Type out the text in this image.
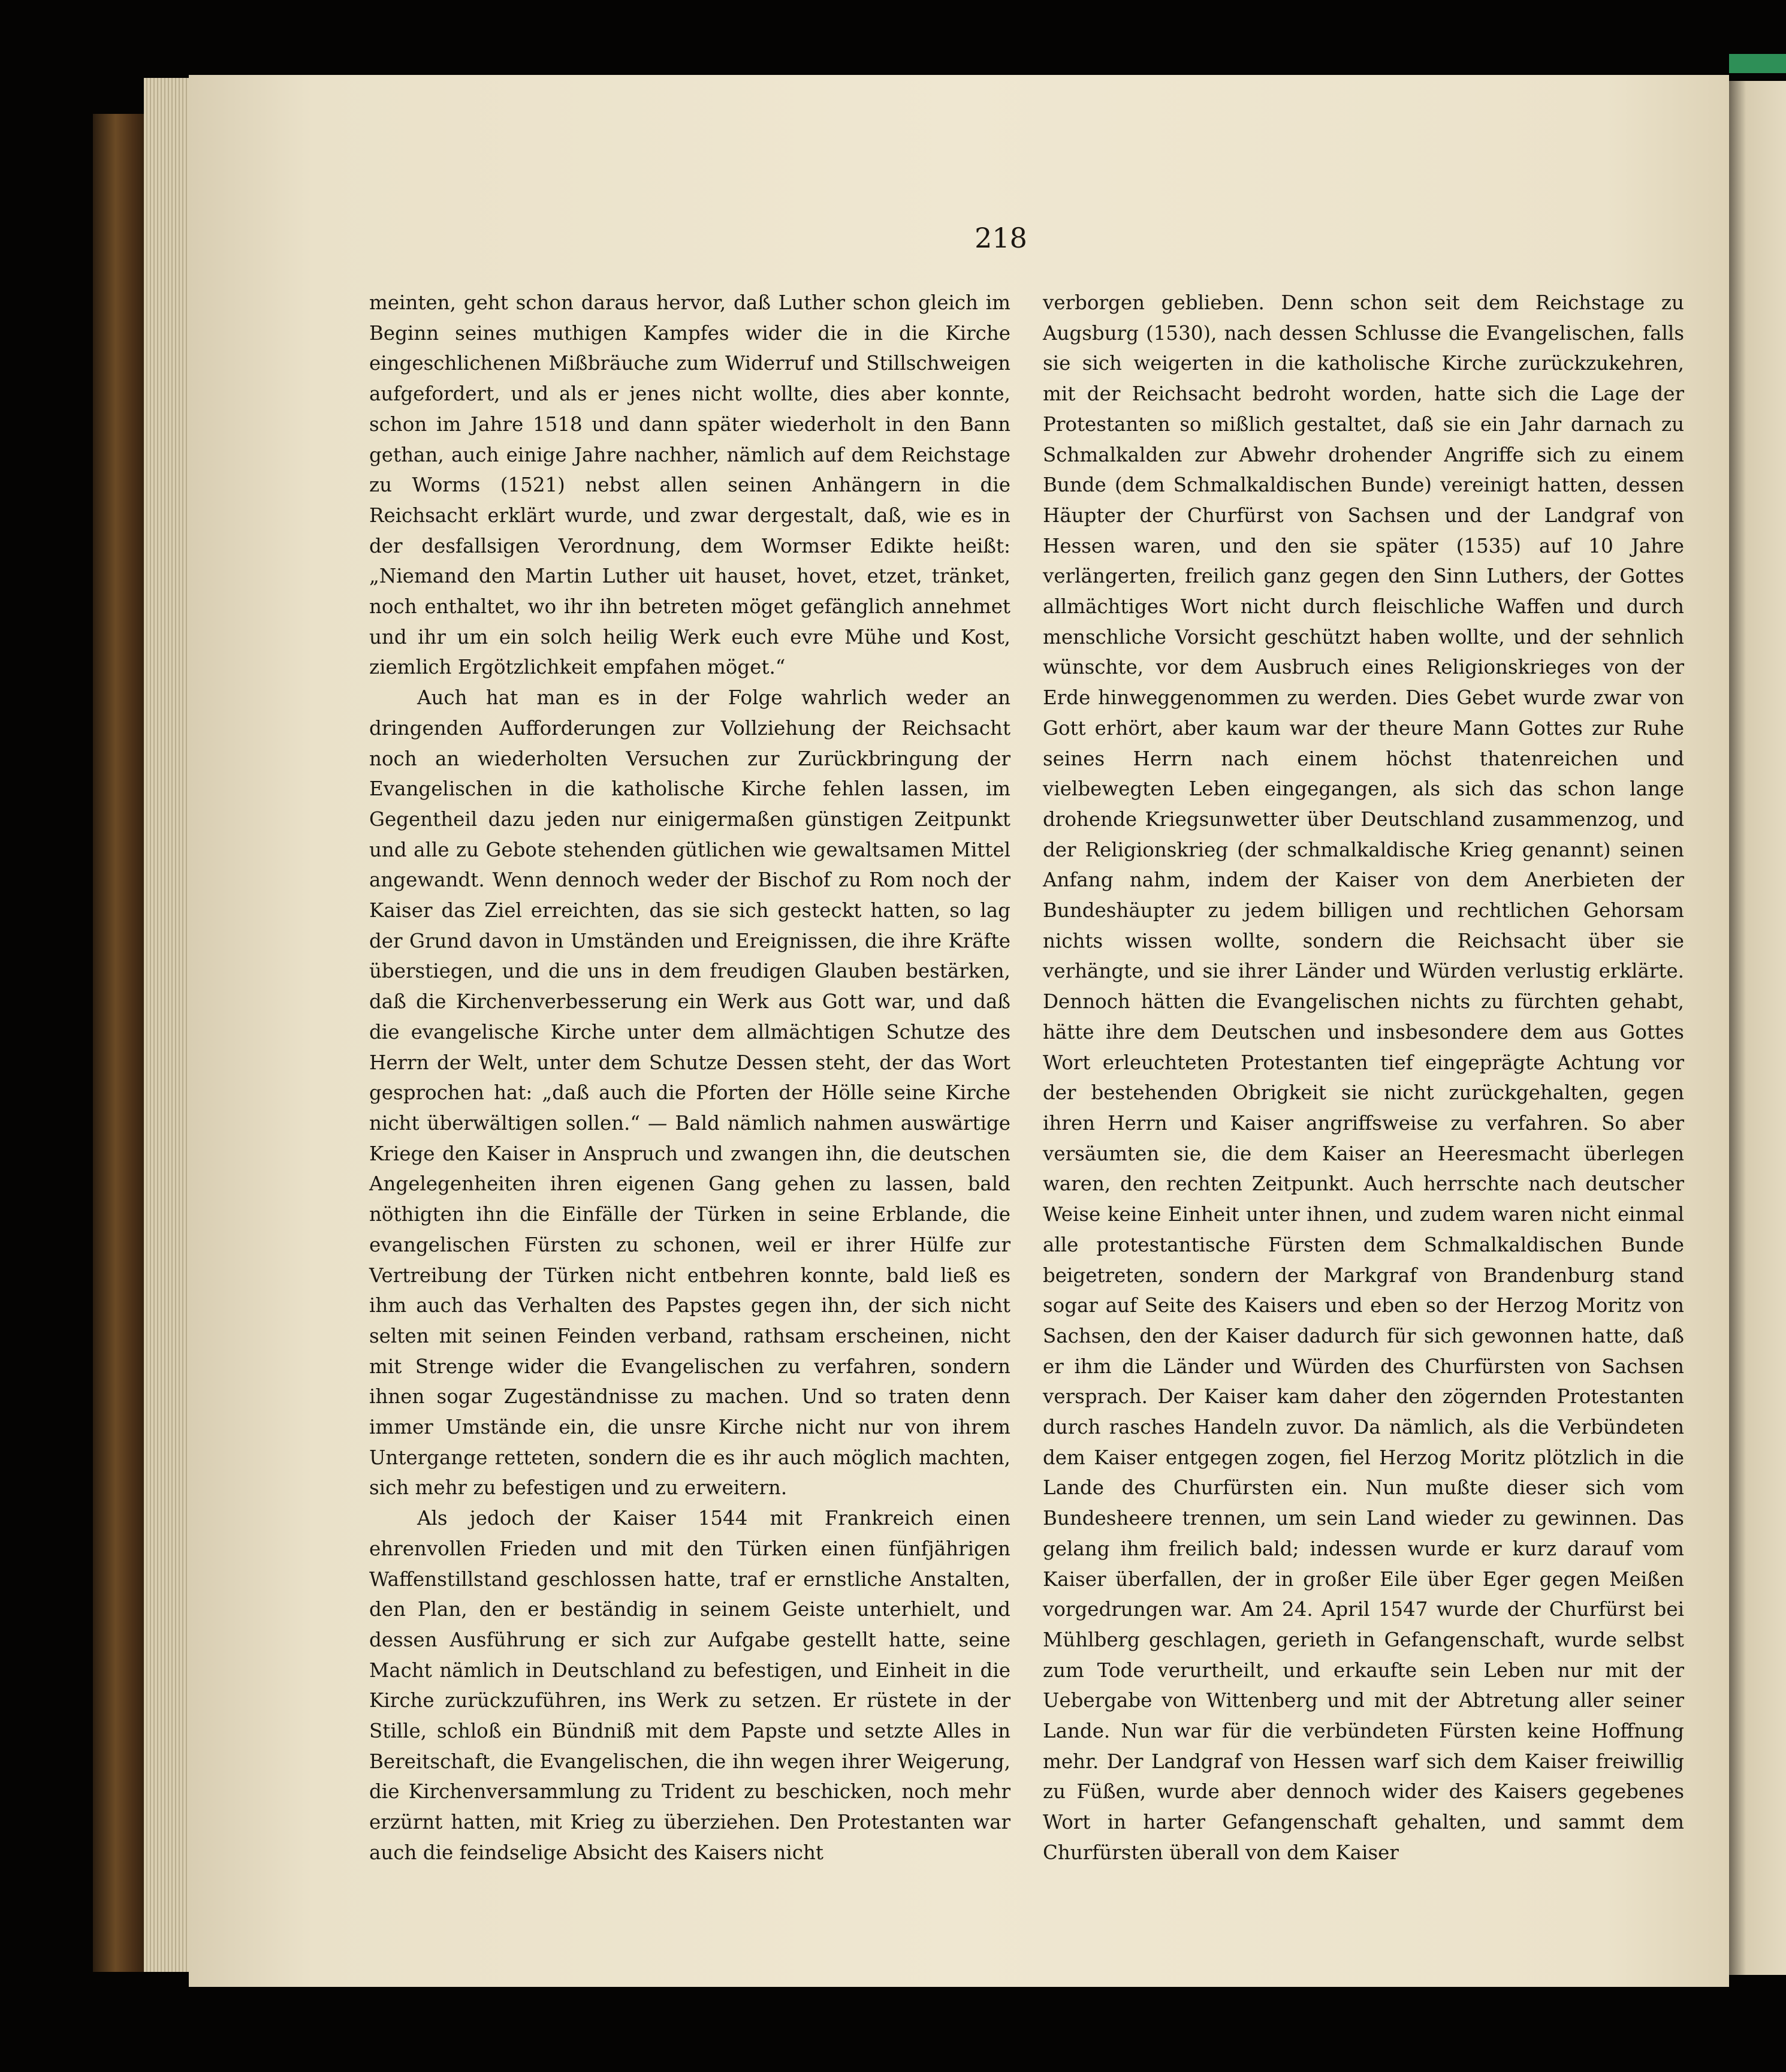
218

meinten, geht schon daraus hervor, daß Luther schon gleich im Beginn seines muthigen Kampfes wider die in die Kirche eingeschlichenen Mißbräuche zum Widerruf und Stillschweigen aufgefordert, und als er jenes nicht wollte, dies aber konnte, schon im Jahre 1518 und dann später wiederholt in den Bann gethan, auch einige Jahre nachher, nämlich auf dem Reichstage zu Worms (1521) nebst allen seinen Anhängern in die Reichsacht erklärt wurde, und zwar dergestalt, daß, wie es in der desfallsigen Verordnung, dem Wormser Edikte heißt: „Niemand den Martin Luther uit hauset, hovet, etzet, tränket, noch enthaltet, wo ihr ihn betreten möget gefänglich annehmet und ihr um ein solch heilig Werk euch evre Mühe und Kost, ziemlich Ergötzlichkeit empfahen möget.“

Auch hat man es in der Folge wahrlich weder an dringenden Aufforderungen zur Vollziehung der Reichsacht noch an wiederholten Versuchen zur Zurückbringung der Evangelischen in die katholische Kirche fehlen lassen, im Gegentheil dazu jeden nur einigermaßen günstigen Zeitpunkt und alle zu Gebote stehenden gütlichen wie gewaltsamen Mittel angewandt. Wenn dennoch weder der Bischof zu Rom noch der Kaiser das Ziel erreichten, das sie sich gesteckt hatten, so lag der Grund davon in Umständen und Ereignissen, die ihre Kräfte überstiegen, und die uns in dem freudigen Glauben bestärken, daß die Kirchenverbesserung ein Werk aus Gott war, und daß die evangelische Kirche unter dem allmächtigen Schutze des Herrn der Welt, unter dem Schutze Dessen steht, der das Wort gesprochen hat: „daß auch die Pforten der Hölle seine Kirche nicht überwältigen sollen.“ — Bald nämlich nahmen auswärtige Kriege den Kaiser in Anspruch und zwangen ihn, die deutschen Angelegenheiten ihren eigenen Gang gehen zu lassen, bald nöthigten ihn die Einfälle der Türken in seine Erblande, die evangelischen Fürsten zu schonen, weil er ihrer Hülfe zur Vertreibung der Türken nicht entbehren konnte, bald ließ es ihm auch das Verhalten des Papstes gegen ihn, der sich nicht selten mit seinen Feinden verband, rathsam erscheinen, nicht mit Strenge wider die Evangelischen zu verfahren, sondern ihnen sogar Zugeständnisse zu machen. Und so traten denn immer Umstände ein, die unsre Kirche nicht nur von ihrem Untergange retteten, sondern die es ihr auch möglich machten, sich mehr zu befestigen und zu erweitern.

Als jedoch der Kaiser 1544 mit Frankreich einen ehrenvollen Frieden und mit den Türken einen fünfjährigen Waffenstillstand geschlossen hatte, traf er ernstliche Anstalten, den Plan, den er beständig in seinem Geiste unterhielt, und dessen Ausführung er sich zur Aufgabe gestellt hatte, seine Macht nämlich in Deutschland zu befestigen, und Einheit in die Kirche zurückzuführen, ins Werk zu setzen. Er rüstete in der Stille, schloß ein Bündniß mit dem Papste und setzte Alles in Bereitschaft, die Evangelischen, die ihn wegen ihrer Weigerung, die Kirchenversammlung zu Trident zu beschicken, noch mehr erzürnt hatten, mit Krieg zu überziehen. Den Protestanten war auch die feindselige Absicht des Kaisers nicht

verborgen geblieben. Denn schon seit dem Reichstage zu Augsburg (1530), nach dessen Schlusse die Evangelischen, falls sie sich weigerten in die katholische Kirche zurückzukehren, mit der Reichsacht bedroht worden, hatte sich die Lage der Protestanten so mißlich gestaltet, daß sie ein Jahr darnach zu Schmalkalden zur Abwehr drohender Angriffe sich zu einem Bunde (dem Schmalkaldischen Bunde) vereinigt hatten, dessen Häupter der Churfürst von Sachsen und der Landgraf von Hessen waren, und den sie später (1535) auf 10 Jahre verlängerten, freilich ganz gegen den Sinn Luthers, der Gottes allmächtiges Wort nicht durch fleischliche Waffen und durch menschliche Vorsicht geschützt haben wollte, und der sehnlich wünschte, vor dem Ausbruch eines Religionskrieges von der Erde hinweggenommen zu werden. Dies Gebet wurde zwar von Gott erhört, aber kaum war der theure Mann Gottes zur Ruhe seines Herrn nach einem höchst thatenreichen und vielbewegten Leben eingegangen, als sich das schon lange drohende Kriegsunwetter über Deutschland zusammenzog, und der Religionskrieg (der schmalkaldische Krieg genannt) seinen Anfang nahm, indem der Kaiser von dem Anerbieten der Bundeshäupter zu jedem billigen und rechtlichen Gehorsam nichts wissen wollte, sondern die Reichsacht über sie verhängte, und sie ihrer Länder und Würden verlustig erklärte. Dennoch hätten die Evangelischen nichts zu fürchten gehabt, hätte ihre dem Deutschen und insbesondere dem aus Gottes Wort erleuchteten Protestanten tief eingeprägte Achtung vor der bestehenden Obrigkeit sie nicht zurückgehalten, gegen ihren Herrn und Kaiser angriffsweise zu verfahren. So aber versäumten sie, die dem Kaiser an Heeresmacht überlegen waren, den rechten Zeitpunkt. Auch herrschte nach deutscher Weise keine Einheit unter ihnen, und zudem waren nicht einmal alle protestantische Fürsten dem Schmalkaldischen Bunde beigetreten, sondern der Markgraf von Brandenburg stand sogar auf Seite des Kaisers und eben so der Herzog Moritz von Sachsen, den der Kaiser dadurch für sich gewonnen hatte, daß er ihm die Länder und Würden des Churfürsten von Sachsen versprach. Der Kaiser kam daher den zögernden Protestanten durch rasches Handeln zuvor. Da nämlich, als die Verbündeten dem Kaiser entgegen zogen, fiel Herzog Moritz plötzlich in die Lande des Churfürsten ein. Nun mußte dieser sich vom Bundesheere trennen, um sein Land wieder zu gewinnen. Das gelang ihm freilich bald; indessen wurde er kurz darauf vom Kaiser überfallen, der in großer Eile über Eger gegen Meißen vorgedrungen war. Am 24. April 1547 wurde der Churfürst bei Mühlberg geschlagen, gerieth in Gefangenschaft, wurde selbst zum Tode verurtheilt, und erkaufte sein Leben nur mit der Uebergabe von Wittenberg und mit der Abtretung aller seiner Lande. Nun war für die verbündeten Fürsten keine Hoffnung mehr. Der Landgraf von Hessen warf sich dem Kaiser freiwillig zu Füßen, wurde aber dennoch wider des Kaisers gegebenes Wort in harter Gefangenschaft gehalten, und sammt dem Churfürsten überall von dem Kaiser
